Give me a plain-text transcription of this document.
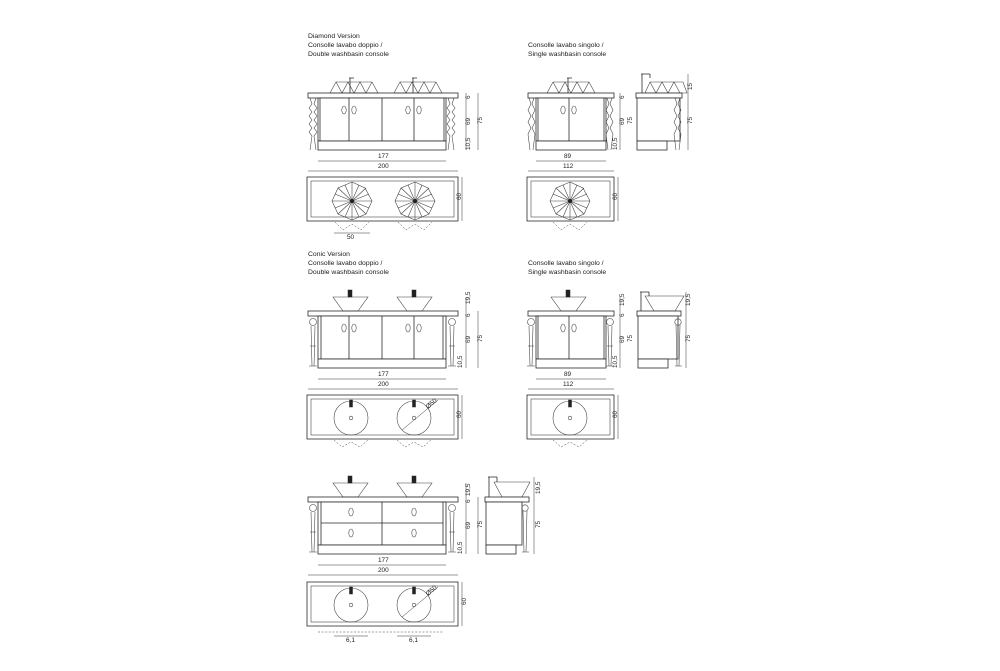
Diamond Version
Consolle lavabo doppio /
Double washbasin console
Consolle lavabo singolo /
Single washbasin console
Conic Version
Consolle lavabo doppio /
Double washbasin console
Consolle lavabo singolo /
Single washbasin console
6
69
10,5
75
177
200
50
60
6
69
10,5
75
89
112
60
15
75
19,5
6
69
10,5
75
177
200
Ø50
60
19,5
6
69
10,5
75
89
112
60
19,5
75
19,5
6
69
10,5
75
177
200
19,5
75
Ø50
6,1	6,1
60
